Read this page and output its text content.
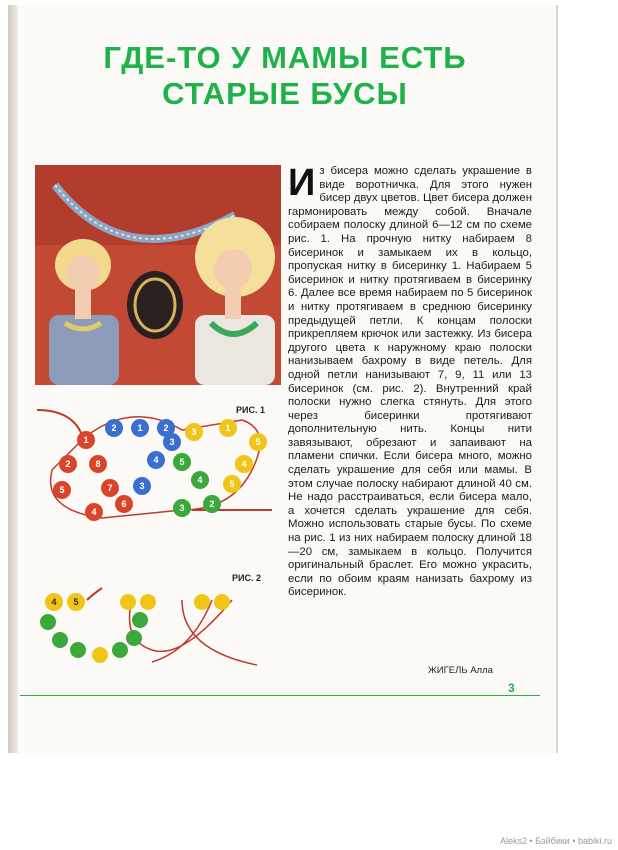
ГДЕ-ТО У МАМЫ ЕСТЬ
СТАРЫЕ БУСЫ
1
2 1 2
3
3
4 5
2	8
7
6
3
4	5
4
5
1
2
3
4
5
РИС. 1
4 5
РИС. 2
Из бисера можно сделать украшение в виде воротничка. Для этого нужен бисер двух цветов. Цвет бисера должен гармонировать между собой. Вначале собираем полоску длиной 6—12 см по схеме рис. 1. На прочную нитку набираем 8 бисеринок и замыкаем их в кольцо, пропуская нитку в бисеринку 1. Набираем 5 бисеринок и нитку протягиваем в бисеринку 6. Далее все время набираем по 5 бисеринок и нитку протягиваем в среднюю бисеринку предыдущей петли. К концам полоски прикрепляем крючок или застежку. Из бисера другого цвета к наружному краю полоски нанизываем бахрому в виде петель. Для одной петли нанизывают 7, 9, 11 или 13 бисеринок (см. рис. 2). Внутренний край полоски нужно слегка стянуть. Для этого через бисеринки протягивают дополнительную нить. Концы нити завязывают, обрезают и запаивают на пламени спички. Если бисера много, можно сделать украшение для себя или мамы. В этом случае полоску набирают длиной 40 см. Не надо расстраиваться, если бисера мало, а хочется сделать украшение для себя. Можно использовать старые бусы. По схеме на рис. 1 из них набираем полоску длиной 18—20 см, замыкаем в кольцо. Получится оригинальный браслет. Его можно украсить, если по обоим краям нанизать бахрому из бисеринок.
ЖИГЕЛЬ Алла
3
Aleks2 • Бэйбики • babiki.ru
